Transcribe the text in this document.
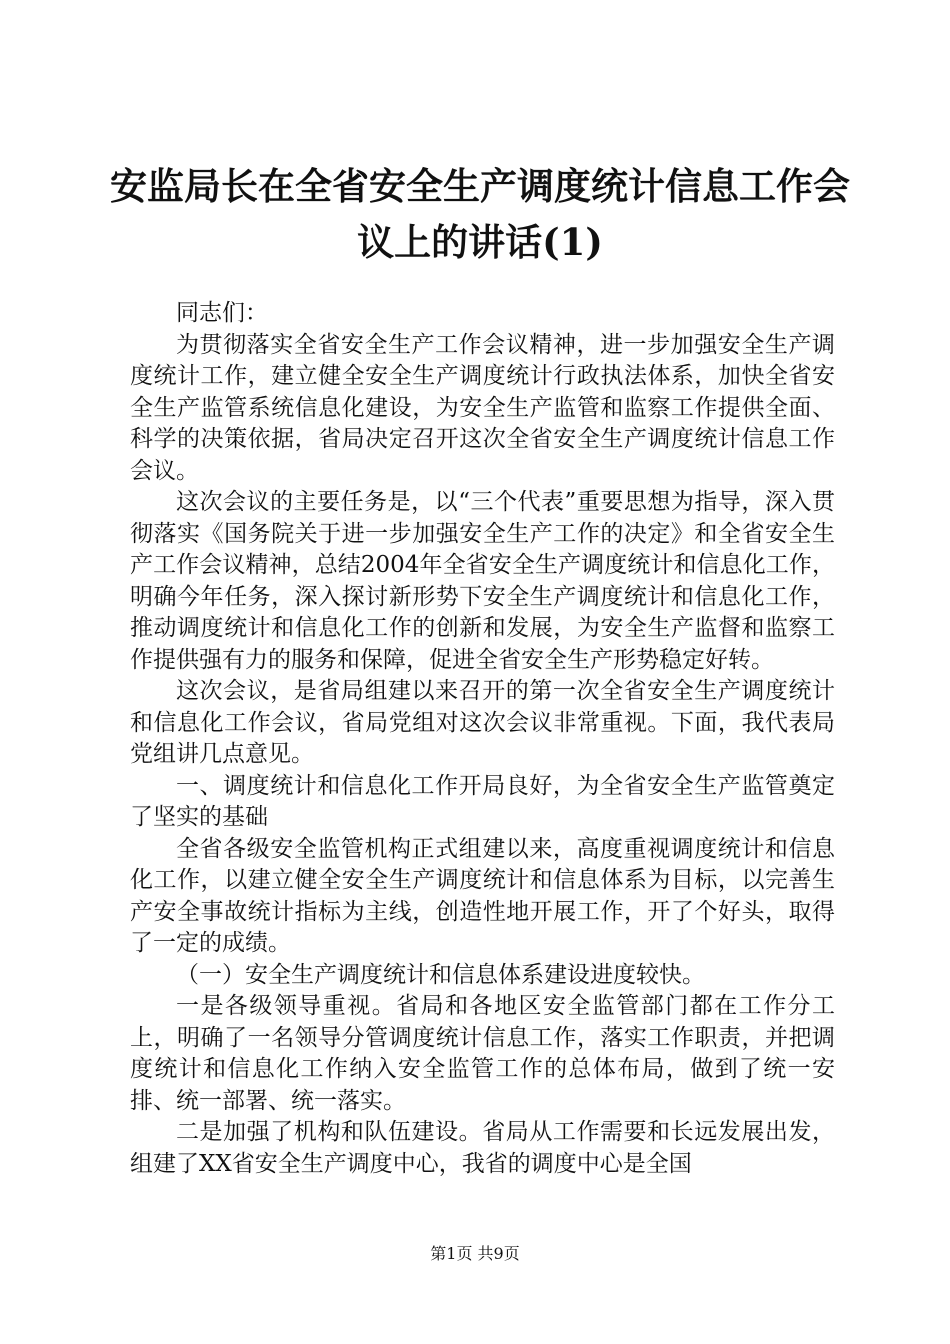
安监局长在全省安全生产调度统计信息工作会
议上的讲话(1)

同志们：

为贯彻落实全省安全生产工作会议精神，进一步加强安全生产调度统计工作，建立健全安全生产调度统计行政执法体系，加快全省安全生产监管系统信息化建设，为安全生产监管和监察工作提供全面、科学的决策依据，省局决定召开这次全省安全生产调度统计信息工作会议。

这次会议的主要任务是，以“三个代表”重要思想为指导，深入贯彻落实《国务院关于进一步加强安全生产工作的决定》和全省安全生产工作会议精神，总结2004年全省安全生产调度统计和信息化工作，明确今年任务，深入探讨新形势下安全生产调度统计和信息化工作，推动调度统计和信息化工作的创新和发展，为安全生产监督和监察工作提供强有力的服务和保障，促进全省安全生产形势稳定好转。

这次会议，是省局组建以来召开的第一次全省安全生产调度统计和信息化工作会议，省局党组对这次会议非常重视。下面，我代表局党组讲几点意见。

一、调度统计和信息化工作开局良好，为全省安全生产监管奠定了坚实的基础

全省各级安全监管机构正式组建以来，高度重视调度统计和信息化工作，以建立健全安全生产调度统计和信息体系为目标，以完善生产安全事故统计指标为主线，创造性地开展工作，开了个好头，取得了一定的成绩。

（一）安全生产调度统计和信息体系建设进度较快。

一是各级领导重视。省局和各地区安全监管部门都在工作分工上，明确了一名领导分管调度统计信息工作，落实工作职责，并把调度统计和信息化工作纳入安全监管工作的总体布局，做到了统一安排、统一部署、统一落实。

二是加强了机构和队伍建设。省局从工作需要和长远发展出发，组建了XX省安全生产调度中心，我省的调度中心是全国

第1页 共9页
